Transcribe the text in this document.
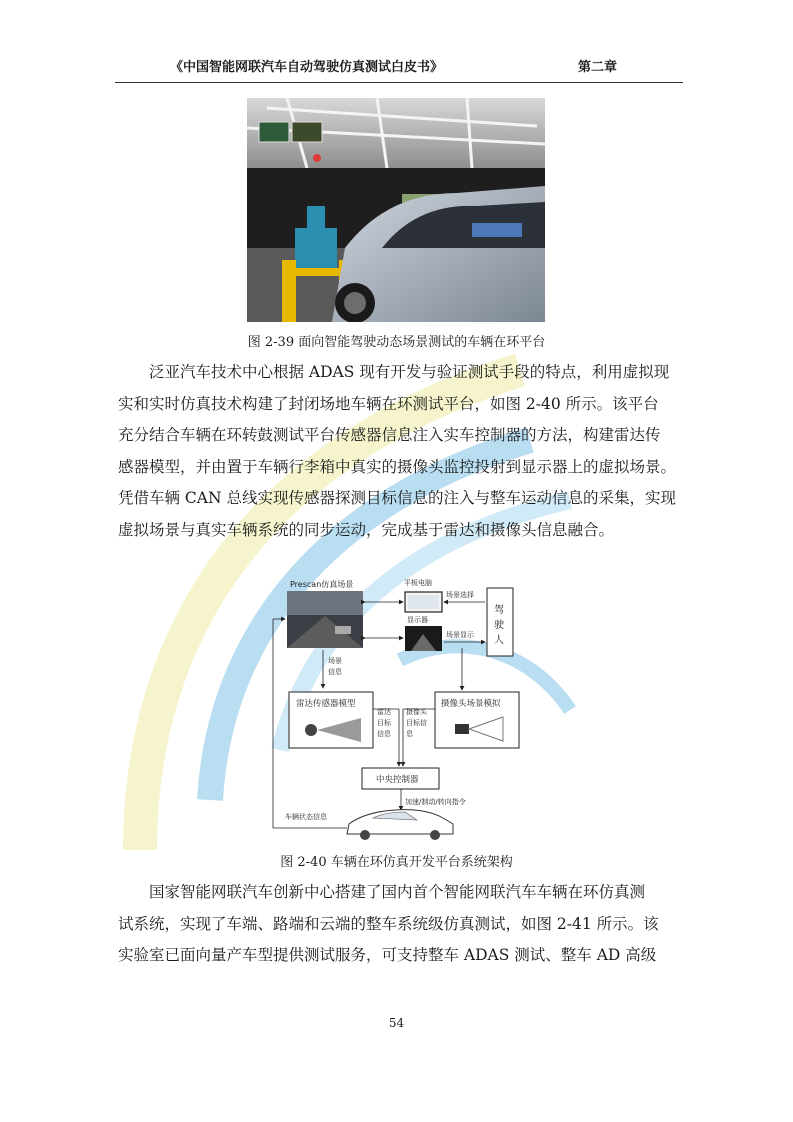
《中国智能网联汽车自动驾驶仿真测试白皮书》	第二章
图 2-39 面向智能驾驶动态场景测试的车辆在环平台
泛亚汽车技术中心根据 ADAS 现有开发与验证测试手段的特点，利用虚拟现
实和实时仿真技术构建了封闭场地车辆在环测试平台，如图 2-40 所示。该平台
充分结合车辆在环转鼓测试平台传感器信息注入实车控制器的方法，构建雷达传
感器模型，并由置于车辆行李箱中真实的摄像头监控投射到显示器上的虚拟场景。
凭借车辆 CAN 总线实现传感器探测目标信息的注入与整车运动信息的采集，实现
虚拟场景与真实车辆系统的同步运动，完成基于雷达和摄像头信息融合。
Prescan仿真场景	平板电脑
场景选择
显示器
场景显示
驾
驶
人
场景
信息
雷达传感器模型	摄像头场景模拟
雷达
目标
信息
摄像头
目标信
息
中央控制器
加速/制动/转向指令
车辆状态信息
图 2-40 车辆在环仿真开发平台系统架构
国家智能网联汽车创新中心搭建了国内首个智能网联汽车车辆在环仿真测
试系统，实现了车端、路端和云端的整车系统级仿真测试，如图 2-41 所示。该
实验室已面向量产车型提供测试服务，可支持整车 ADAS 测试、整车 AD 高级
54
